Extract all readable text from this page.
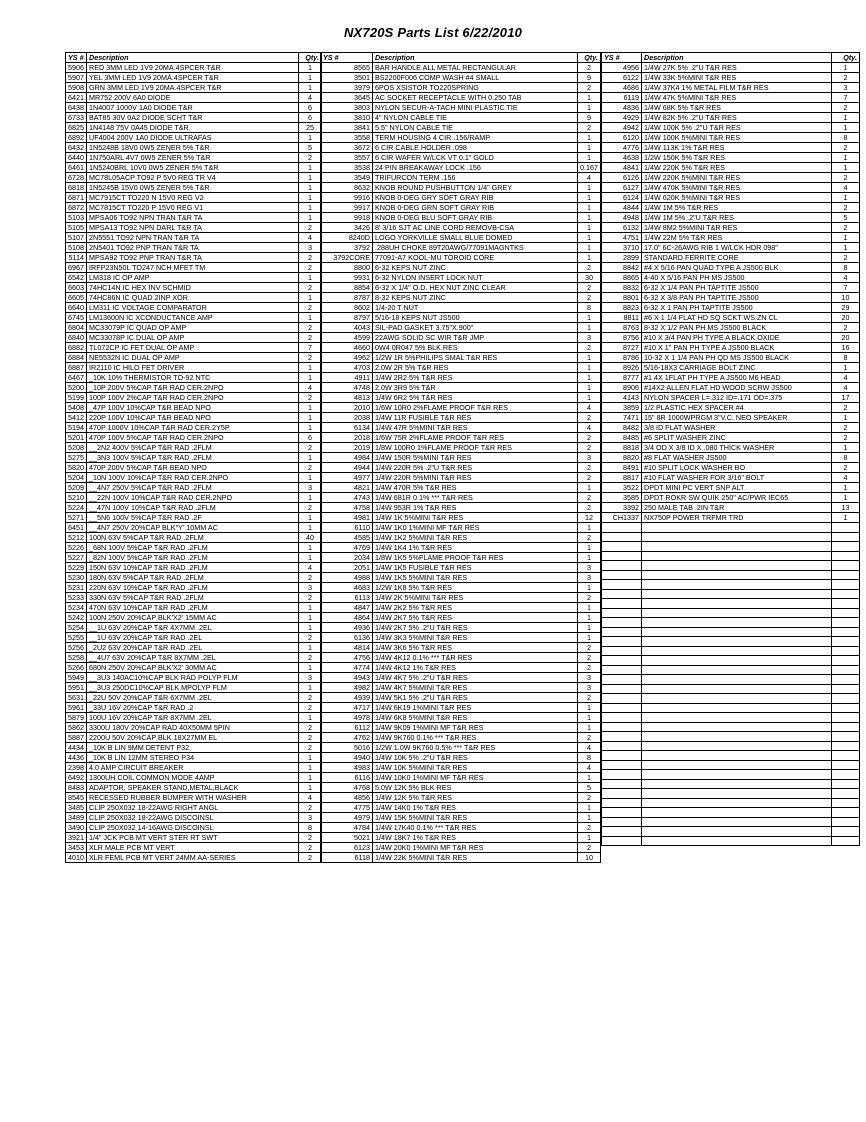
NX720S Parts List 6/22/2010
YS #	Description	Qty.
5906	RED 3MM LED 1V9 20MA.4SPCER T&R	1
5907	YEL 3MM LED 1V9 20MA.4SPCER T&R	1
5908	GRN 3MM LED 1V9 20MA.4SPCER T&R	1
6421	MR752 200V 6A0 DIODE	4
6438	1N4007 1000V 1A0 DIODE T&R	6
6733	BAT85 30V 0A2 DIODE SCHT T&R	6
6825	1N4148 75V 0A45 DIODE T&R	25
6892	UF4004 200V 1A0 DIODE ULTRAFAS	1
6432	1N5248B 18V0 0W5 ZENER 5% T&R	5
6440	1N750ARL 4V7 0W5 ZENER 5% T&R	2
6461	1N5240BRL 10V0 0W5 ZENER 5% T&R	1
6728	MC78L05ACP TO92 P 5V0 REG TR V4	1
6818	1N5245B 15V0 0W5 ZENER 5% T&R	1
6871	MC7915CT TO220 N 15V0 REG V2	1
6872	MC7815CT TO220 P 15V0 REG V1	1
5103	MPSA06 TO92 NPN TRAN T&R TA	1
5105	MPSA13 TO92 NPN DARL T&R TA	2
5107	2N5551 TO92 NPN TRAN T&R TA	4
5108	2N5401 TO92 PNP TRAN T&R TA	3
5114	MPSA92 TO92 PNP TRAN T&R TA	2
6967	IRFP23N50L TO247 NCH MFET TM	2
6542	LM318 IC OP AMP	1
6603	74HC14N IC HEX INV SCHMID	2
6605	74HC86N IC QUAD 2INP XOR	1
6640	LM311 IC VOLTAGE COMPARATOR	2
6745	LM13600N IC XCONDUCTANCE AMP	1
6804	MC33079P IC QUAD OP AMP	2
6840	MC33078P IC DUAL OP AMP	2
6882	TL072CP IC FET DUAL OP AMP	7
6884	NE5532N IC DUAL OP AMP	2
6887	IR2110 IC HILO FET DRIVER	1
6467	_10K 10% THERMISTOR TO-92 NTC	1
5200	_10P 200V 5%CAP T&R RAD CER.2NPO	4
5199	100P 100V 2%CAP T&R RAD CER.2NPO	2
5408	_47P 100V 10%CAP T&R BEAD NPO	1
5412	220P 100V 10%CAP T&R BEAD NPO	1
5194	470P 1000V 10%CAP T&R RAD CER.2Y5P	1
5201	470P 100V 5%CAP T&R RAD CER.2NPO	6
5208	__2N2 400V 5%CAP T&R RAD .2FLM	2
5275	__3N3 100V 5%CAP T&R RAD .2FLM	1
5820	470P 200V 5%CAP T&R BEAD NPO	2
5204	_10N 100V 10%CAP T&R RAD CER.2NPO	1
5209	__4N7 250V 5%CAP T&R RAD .2FLM	3
5210	__22N 100V 10%CAP T&R RAD CER.2NPO	1
5224	__47N 100V 10%CAP T&R RAD .2FLM	2
5271	__5N6 100V 5%CAP T&R RAD .2F	1
6451	__4N7 250V 20%CAP BLK"Y' 10MM AC	1
5212	100N 63V 5%CAP T&R RAD .2FLM	40
5226	_68N 100V 5%CAP T&R RAD .2FLM	1
5227	_82N 100V 5%CAP T&R RAD .2FLM	1
5229	150N 63V 10%CAP T&R RAD .2FLM	4
5230	180N 63V 5%CAP T&R RAD .2FLM	2
5231	220N 63V 10%CAP T&R RAD .2FLM	3
5233	330N 63V 5%CAP T&R RAD .2FLM	2
5234	470N 63V 10%CAP T&R RAD .2FLM	1
5242	100N 250V 20%CAP BLK'X2' 15MM AC	1
5254	__1U 63V 20%CAP T&R 4X7MM .2EL	1
5255	__1U 63V 20%CAP T&R RAD .2EL	2
5256	_2U2 63V 20%CAP T&R RAD .2EL	1
5258	__4U7 63V 20%CAP T&R 8X7MM .2EL	2
5266	680N 250V 20%CAP BLK'X2' 30MM AC	1
5949	__3U3 140AC10%CAP BLK RAD POLYP FLM	3
5951	__3U3 250DC10%CAP BLK MPOLYP FLM	1
5631	_22U 50V 20%CAP T&R 6X7MM .2EL	2
5961	_33U 16V 20%CAP T&R RAD .2	2
5879	100U 16V 20%CAP T&R 8X7MM .2EL	1
5862	3300U 180V 20%CAP RAD 40X50MM 5PIN	2
5887	2200U 50V 20%CAP BLK 18X27MM EL	2
4434	_10K B LIN 9MM DETENT P32	2
4436	_10K B LIN 12MM STEREO P34	1
2398	4.0 AMP CIRCUIT BREAKER	1
6492	1300UH COIL COMMON MODE 4AMP	1
8483	ADAPTOR, SPEAKER STAND,METAL,BLACK	1
8545	RECESSED RUBBER BUMPER WITH WASHER	4
3485	CLIP 250X032 18-22AWG RIGHT ANGL	2
3489	CLIP 250X032 18-22AWG DISCOINSL	3
3490	CLIP 250X032 14-16AWG DISCOINSL	8
3921	1/4" JCK PCB MT VERT STER RT SWT	2
3453	XLR MALE PCB MT VERT	2
4010	XLR FEML PCB MT VERT 24MM AA-SERIES	2
YS #	Description	Qty.
8565	BAR HANDLE ALL METAL RECTANGULAR	2
3501	BS2200F006 COMP WASH #4 SMALL	9
3979	6POS XSISTOR TO220SPRING	2
3645	AC SOCKET RECEPTACLE WITH 0.250 TAB	1
3803	NYLON SECUR-A-TACH MINI PLASTIC TIE	1
3810	4" NYLON CABLE TIE	9
3841	5.5" NYLON CABLE TIE	2
3558	TERM HOUSING 4 CIR .156/RAMP	1
3672	6 CIR CABLE HOLDER .098	1
3557	6 CIR WAFER W/LCK VT 0.1" GOLD	1
3538	24 PIN BREAKAWAY LOCK .156	0.167
3549	TRIFURCON TERM .156	4
8632	KNOB ROUND PUSHBUTTON 1/4" GREY	1
9916	KNOB 0-DEG GRY SOFT GRAY RIB	1
9917	KNOB 0-DEG GRN SOFT GRAY RIB	1
9918	KNOB 0-DEG BLU SOFT GRAY RIB	1
3426	8' 3/16 SJT AC LINE CORD REMOVB-CSA	1
8240D	LOGO YORKVILLE SMALL BLUE DOMED	1
3792	.288UH CHOKE 89T20AWG/77091MAGNTKS	1
3792CORE	77091-A7 KOOL-MU TOROID CORE	1
8800	6-32 KEPS NUT ZINC	2
9931	6-32 NYLON INSERT LOCK NUT	30
8854	6-32 X 1/4" O.D. HEX NUT ZINC CLEAR	2
8787	8-32 KEPS NUT ZINC	2
8602	1/4-20 T NUT	8
8797	5/16-18 KEPS NUT JS500	1
4043	SIL-PAD GASKET 3.75"X.900"	1
4599	22AWG SOLID SC WIR T&R JMP	3
4660	0W4 0R047 5% BLK RES	2
4962	1/2W 1R 5%PHILIPS SMAL T&R RES	1
4703	2.0W 2R 5% T&R RES	1
4911	1/4W 2R2 5% T&R RES	1
4748	2.0W 3R9 5% T&R	1
4813	1/4W 6R2 5% T&R RES	1
2010	1/6W 10R0 2%FLAME PROOF T&R RES	4
2038	1/4W 11R FUSIBLE T&R RES	2
6134	1/4W 47R 5%MINI T&R RES	4
2018	1/6W 75R 2%FLAME PROOF T&R RES	2
2019	1/8W 100R0 1%FLAME PROOF T&R RES	2
4984	1/4W 150R 5%MINI T&R RES	3
4944	1/4W 220R 5% .2"U T&R RES	2
4977	1/4W 220R 5%MINI T&R RES	2
4821	1/4W 470R 5% T&R RES	1
4743	1/4W 681R 0.1% *** T&R RES	2
4758	1/4W 953R 1% T&R RES	2
4981	1/4W 1K 5%MINI T&R RES	12
6110	1/4W 1K0 1%MINI MF T&R RES	1
4585	1/4W 1K2 5%MINI T&R RES	2
4769	1/4W 1K4 1% T&R RES	1
2034	1/8W 1K5 5%FLAME PROOF T&R RES	1
2051	1/4W 1K5 FUSIBLE T&R RES	3
4988	1/4W 1K5 5%MINI T&R RES	3
4683	1/2W 1K8 5% T&R RES	1
6113	1/4W 2K 5%MINI T&R RES	2
4847	1/4W 2K2 5% T&R RES	1
4864	1/4W 2K7 5% T&R RES	1
4936	1/4W 2K7 5% .2"U T&R RES	1
6136	1/4W 3K3 5%MINI T&R RES	1
4814	1/4W 3K6 5% T&R RES	2
4756	1/4W 4K12 0.1% *** T&R RES	2
4774	1/4W 4K12 1% T&R RES	2
4943	1/4W 4K7 5% .2"U T&R RES	3
4982	1/4W 4K7 5%MINI T&R RES	3
4939	1/4W 5K1 5% .2"U T&R RES	2
4717	1/4W 6K19 1%MINI T&R RES	1
4978	1/4W 6K8 5%MINI T&R RES	1
6112	1/4W 9K09 1%MINI MF T&R RES	1
4762	1/4W 9K760 0.1% *** T&R RES	2
5016	1/2W 1.0W 9K760 0.5% *** T&R RES	4
4940	1/4W 10K 5% .2"U T&R RES	8
4983	1/4W 10K 5%MINI T&R RES	4
6116	1/4W 10K0 1%MINI MF T&R RES	1
4768	5.0W 12K 5% BLK RES	5
4856	1/4W 12K 5% T&R RES	2
4775	1/4W 14K0 1% T&R RES	1
4979	1/4W 15K 5%MINI T&R RES	1
4784	1/4W 17K40 0.1% *** T&R RES	2
5021	1/4W 18K7 1% T&R RES	1
6123	1/4W 20K0 1%MINI MF T&R RES	2
6118	1/4W 22K 5%MINI T&R RES	10
YS #	Description	Qty.
4956	1/4W 27K 5% .2"U T&R RES	1
6122	1/4W 33K 5%MINI T&R RES	2
4686	1/4W 37K4 1% METAL FILM T&R RES	3
6119	1/4W 47K 5%MINI T&R RES	7
4836	1/4W 68K 5% T&R RES	2
4929	1/4W 82K 5% .2"U T&R RES	1
4942	1/4W 100K 5% .2"U T&R RES	1
6120	1/4W 100K 5%MINI T&R RES	8
4776	1/4W 113K 1% T&R RES	2
4638	1/2W 150K 5% T&R RES	1
4841	1/4W 220K 5% T&R RES	1
6126	1/4W 220K 5%MINI T&R RES	2
6127	1/4W 470K 5%MINI T&R RES	4
6124	1/4W 620K 5%MINI T&R RES	1
4844	1/4W 1M 5% T&R RES	2
4948	1/4W 1M 5% .2"U T&R RES	5
6132	1/4W 8M2 5%MINI T&R RES	2
4751	1/4W 22M 5% T&R RES	1
3710	17.0" 6C-26AWG RIB 1 W/LCK HDR 098"	1
2899	STANDARD FERRITE CORE	2
8842	#4 X 5/16 PAN QUAD TYPE A JS500 BLK	8
8865	4-40 X 5/16 PAN PH MS JS500	4
8832	6-32 X 1/4 PAN PH TAPTITE JS500	7
8801	6-32 X 3/8 PAN PH TAPTITE JS500	10
8823	6-32 X 1 PAN PH TAPTITE JS500	29
8811	#6 X 1 1/4 FLAT HD SQ SCKT WS ZN CL	20
8763	8-32 X 1/2 PAN PH MS JS500 BLACK	2
8756	#10 X 3/4 PAN PH TYPE A BLACK OXIDE	20
8727	#10 X 1" PAN PH TYPE A JS500 BLACK	16
8786	10-32 X 1 1/4 PAN PH QD MS JS500 BLACK	8
8926	5/16-18X3 CARRIAGE BOLT ZINC	1
8777	#1 4X 1FLAT PH TYPE A JS500 M6 HEAD	4
8906	#14X2 ALLEN FLAT HD WOOD SCRW JS500	4
4143	NYLON SPACER L=.312 ID=.171 OD=.375	17
3859	1/2 PLASTIC HEX SPACER #4	2
7471	15" 8R 1000WPRGM 3"V.C. NEO SPEAKER	1
8482	3/8 ID FLAT WASHER	2
8485	#6 SPLIT WASHER ZINC	2
8818	3/4 OD X 3/8 ID X .080 THICK WASHER	1
8820	#8 FLAT WASHER JS500	8
8491	#10 SPLIT LOCK WASHER BO	2
8817	#10 FLAT WASHER FOR 3/16" BOLT	4
3522	DPDT MINI PC VERT SNP ALT	1
3585	DPDT ROKR SW QUIK 250" AC/PWR IEC65	1
3392	250 MALE TAB .2IN T&R	13
CH1337	NX750P POWER TRFMR TRD	1
